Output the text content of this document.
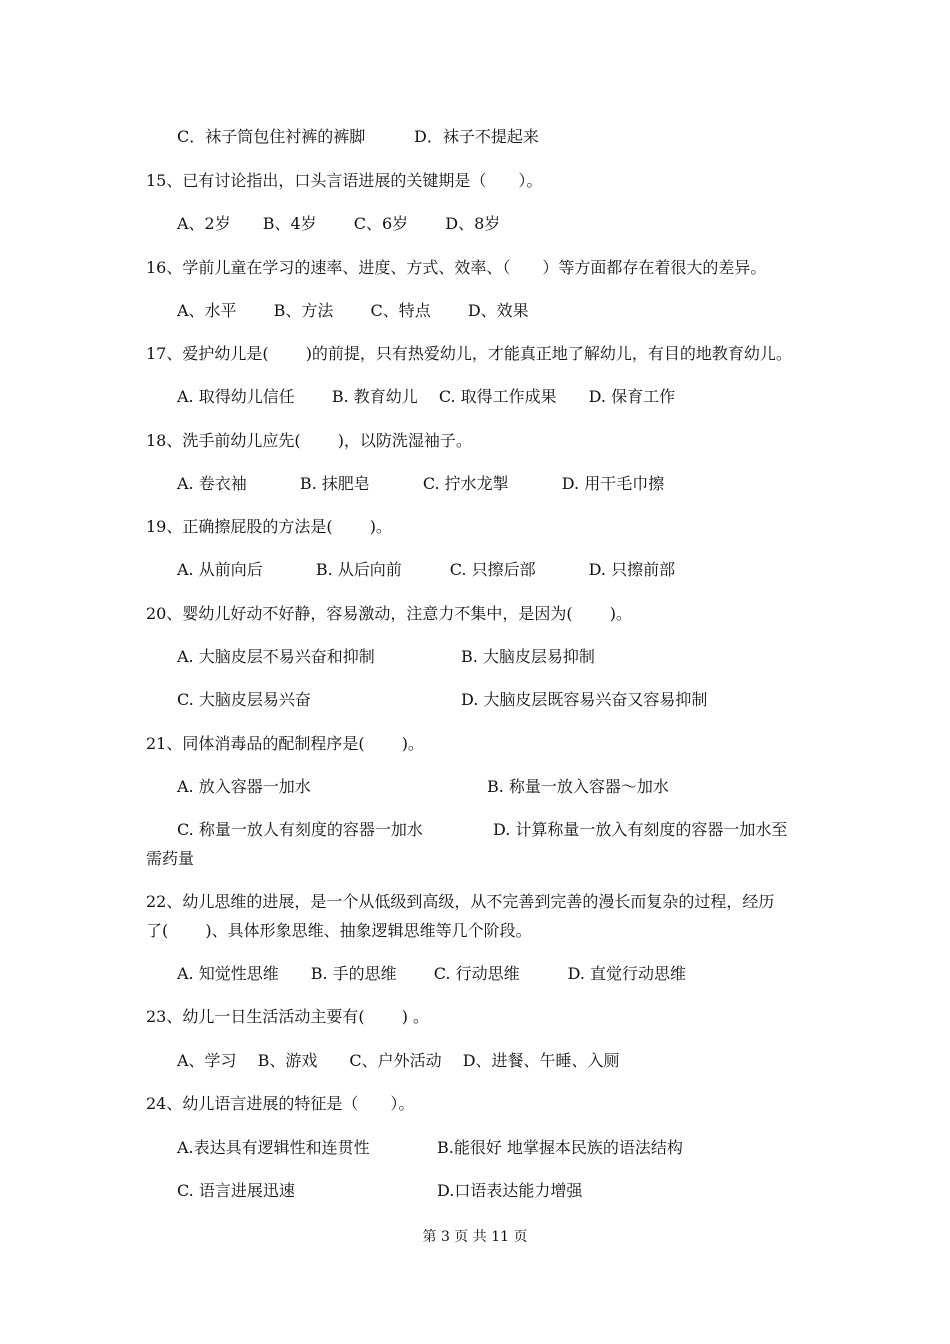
C．袜子筒包住衬裤的裤脚	D．袜子不提起来
15、已有讨论指出，口头言语进展的关键期是（　　）。
A、2岁　　B、4岁　　 C、6岁　　 D、8岁
16、学前儿童在学习的速率、进度、方式、效率、（　　）等方面都存在着很大的差异。
A、水平　　 B、方法　　 C、特点　　 D、效果
17、爱护幼儿是(　　 )的前提，只有热爱幼儿，才能真正地了解幼儿，有目的地教育幼儿。
A. 取得幼儿信任　　 B. 教育幼儿　 C. 取得工作成果　　D. 保育工作
18、洗手前幼儿应先(　　 )，以防洗湿袖子。
A. 卷衣袖　　　 B. 抹肥皂　　　 C. 拧水龙掣　　　 D. 用干毛巾擦
19、正确擦屁股的方法是(　　 )。
A. 从前向后　　　 B. 从后向前　　　C. 只擦后部　　　 D. 只擦前部
20、婴幼儿好动不好静，容易激动，注意力不集中，是因为(　　 )。
A. 大脑皮层不易兴奋和抑制	B. 大脑皮层易抑制
C. 大脑皮层易兴奋	D. 大脑皮层既容易兴奋又容易抑制
21、同体消毒品的配制程序是(　　 )。
A. 放入容器一加水	B. 称量一放入容器～加水
C. 称量一放人有刻度的容器一加水	D. 计算称量一放入有刻度的容器一加水至
需药量
22、幼儿思维的进展，是一个从低级到高级，从不完善到完善的漫长而复杂的过程，经历
了(　　 )、具体形象思维、抽象逻辑思维等几个阶段。
A. 知觉性思维　　B. 手的思维　　 C. 行动思维　　　D. 直觉行动思维
23、幼儿一日生活活动主要有(　　 ) 。
A、学习　 B、游戏　　C、户外活动　 D、进餐、午睡、入厕
24、幼儿语言进展的特征是（　　）。
A.表达具有逻辑性和连贯性	B.能很好 地掌握本民族的语法结构
C. 语言进展迅速	D.口语表达能力增强
第 3 页 共 11 页
